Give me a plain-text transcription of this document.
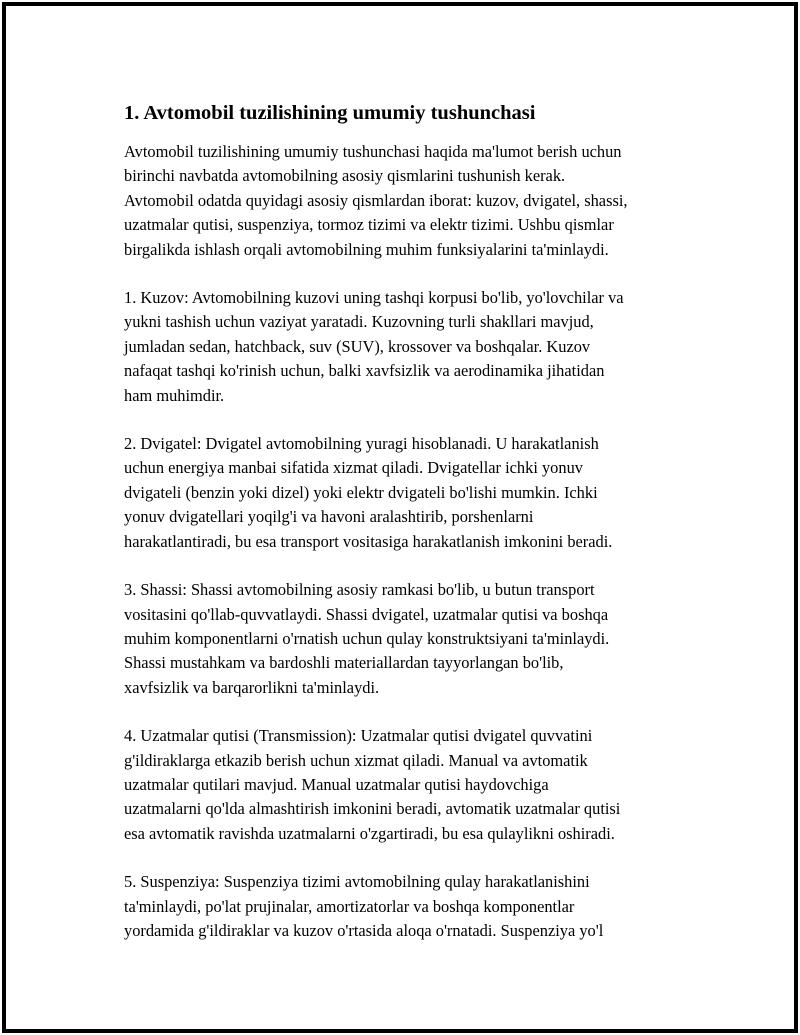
1. Avtomobil tuzilishining umumiy tushunchasi

Avtomobil tuzilishining umumiy tushunchasi haqida ma'lumot berish uchun
birinchi navbatda avtomobilning asosiy qismlarini tushunish kerak.
Avtomobil odatda quyidagi asosiy qismlardan iborat: kuzov, dvigatel, shassi,
uzatmalar qutisi, suspenziya, tormoz tizimi va elektr tizimi. Ushbu qismlar
birgalikda ishlash orqali avtomobilning muhim funksiyalarini ta'minlaydi.

1. Kuzov: Avtomobilning kuzovi uning tashqi korpusi bo'lib, yo'lovchilar va
yukni tashish uchun vaziyat yaratadi. Kuzovning turli shakllari mavjud,
jumladan sedan, hatchback, suv (SUV), krossover va boshqalar. Kuzov
nafaqat tashqi ko'rinish uchun, balki xavfsizlik va aerodinamika jihatidan
ham muhimdir.

2. Dvigatel: Dvigatel avtomobilning yuragi hisoblanadi. U harakatlanish
uchun energiya manbai sifatida xizmat qiladi. Dvigatellar ichki yonuv
dvigateli (benzin yoki dizel) yoki elektr dvigateli bo'lishi mumkin. Ichki
yonuv dvigatellari yoqilg'i va havoni aralashtirib, porshenlarni
harakatlantiradi, bu esa transport vositasiga harakatlanish imkonini beradi.

3. Shassi: Shassi avtomobilning asosiy ramkasi bo'lib, u butun transport
vositasini qo'llab-quvvatlaydi. Shassi dvigatel, uzatmalar qutisi va boshqa
muhim komponentlarni o'rnatish uchun qulay konstruktsiyani ta'minlaydi.
Shassi mustahkam va bardoshli materiallardan tayyorlangan bo'lib,
xavfsizlik va barqarorlikni ta'minlaydi.

4. Uzatmalar qutisi (Transmission): Uzatmalar qutisi dvigatel quvvatini
g'ildiraklarga etkazib berish uchun xizmat qiladi. Manual va avtomatik
uzatmalar qutilari mavjud. Manual uzatmalar qutisi haydovchiga
uzatmalarni qo'lda almashtirish imkonini beradi, avtomatik uzatmalar qutisi
esa avtomatik ravishda uzatmalarni o'zgartiradi, bu esa qulaylikni oshiradi.

5. Suspenziya: Suspenziya tizimi avtomobilning qulay harakatlanishini
ta'minlaydi, po'lat prujinalar, amortizatorlar va boshqa komponentlar
yordamida g'ildiraklar va kuzov o'rtasida aloqa o'rnatadi. Suspenziya yo'l
